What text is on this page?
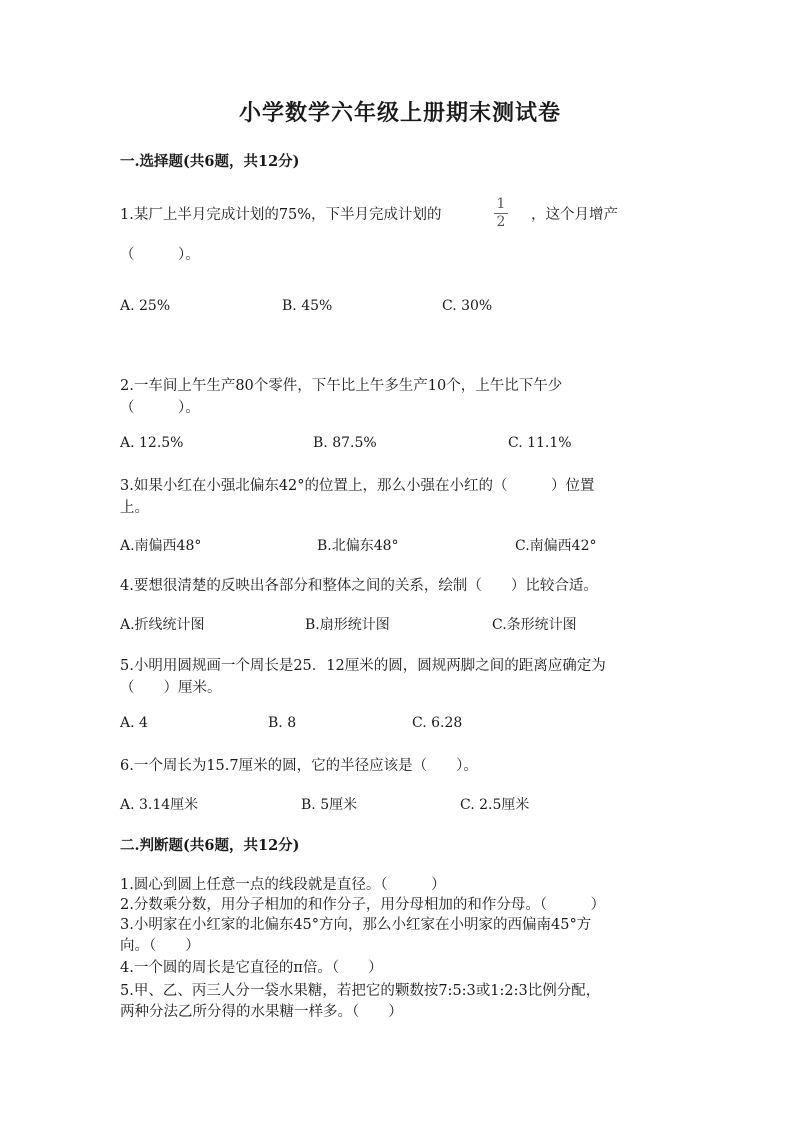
小学数学六年级上册期末测试卷
一.选择题(共6题，共12分)
1.某厂上半月完成计划的75%，下半月完成计划的
1
2 ，这个月增产
（　　　）。
A. 25%	B. 45%	C. 30%
2.一车间上午生产80个零件，下午比上午多生产10个，上午比下午少
（　　　）。
A. 12.5%	B. 87.5%	C. 11.1%
3.如果小红在小强北偏东42°的位置上，那么小强在小红的（　　　）位置
上。
A.南偏西48°	B.北偏东48°	C.南偏西42°
4.要想很清楚的反映出各部分和整体之间的关系，绘制（　　）比较合适。
A.折线统计图	B.扇形统计图	C.条形统计图
5.小明用圆规画一个周长是25．12厘米的圆，圆规两脚之间的距离应确定为
（　　）厘米。
A. 4	B. 8	C. 6.28
6.一个周长为15.7厘米的圆，它的半径应该是（　　）。
A. 3.14厘米	B. 5厘米	C. 2.5厘米
二.判断题(共6题，共12分)
1.圆心到圆上任意一点的线段就是直径。（　　　）
2.分数乘分数，用分子相加的和作分子，用分母相加的和作分母。（　　　）
3.小明家在小红家的北偏东45°方向，那么小红家在小明家的西偏南45°方
向。（　　）
4.一个圆的周长是它直径的π倍。（　　）
5.甲、乙、丙三人分一袋水果糖，若把它的颗数按7:5:3或1:2:3比例分配，
两种分法乙所分得的水果糖一样多。（　　）
